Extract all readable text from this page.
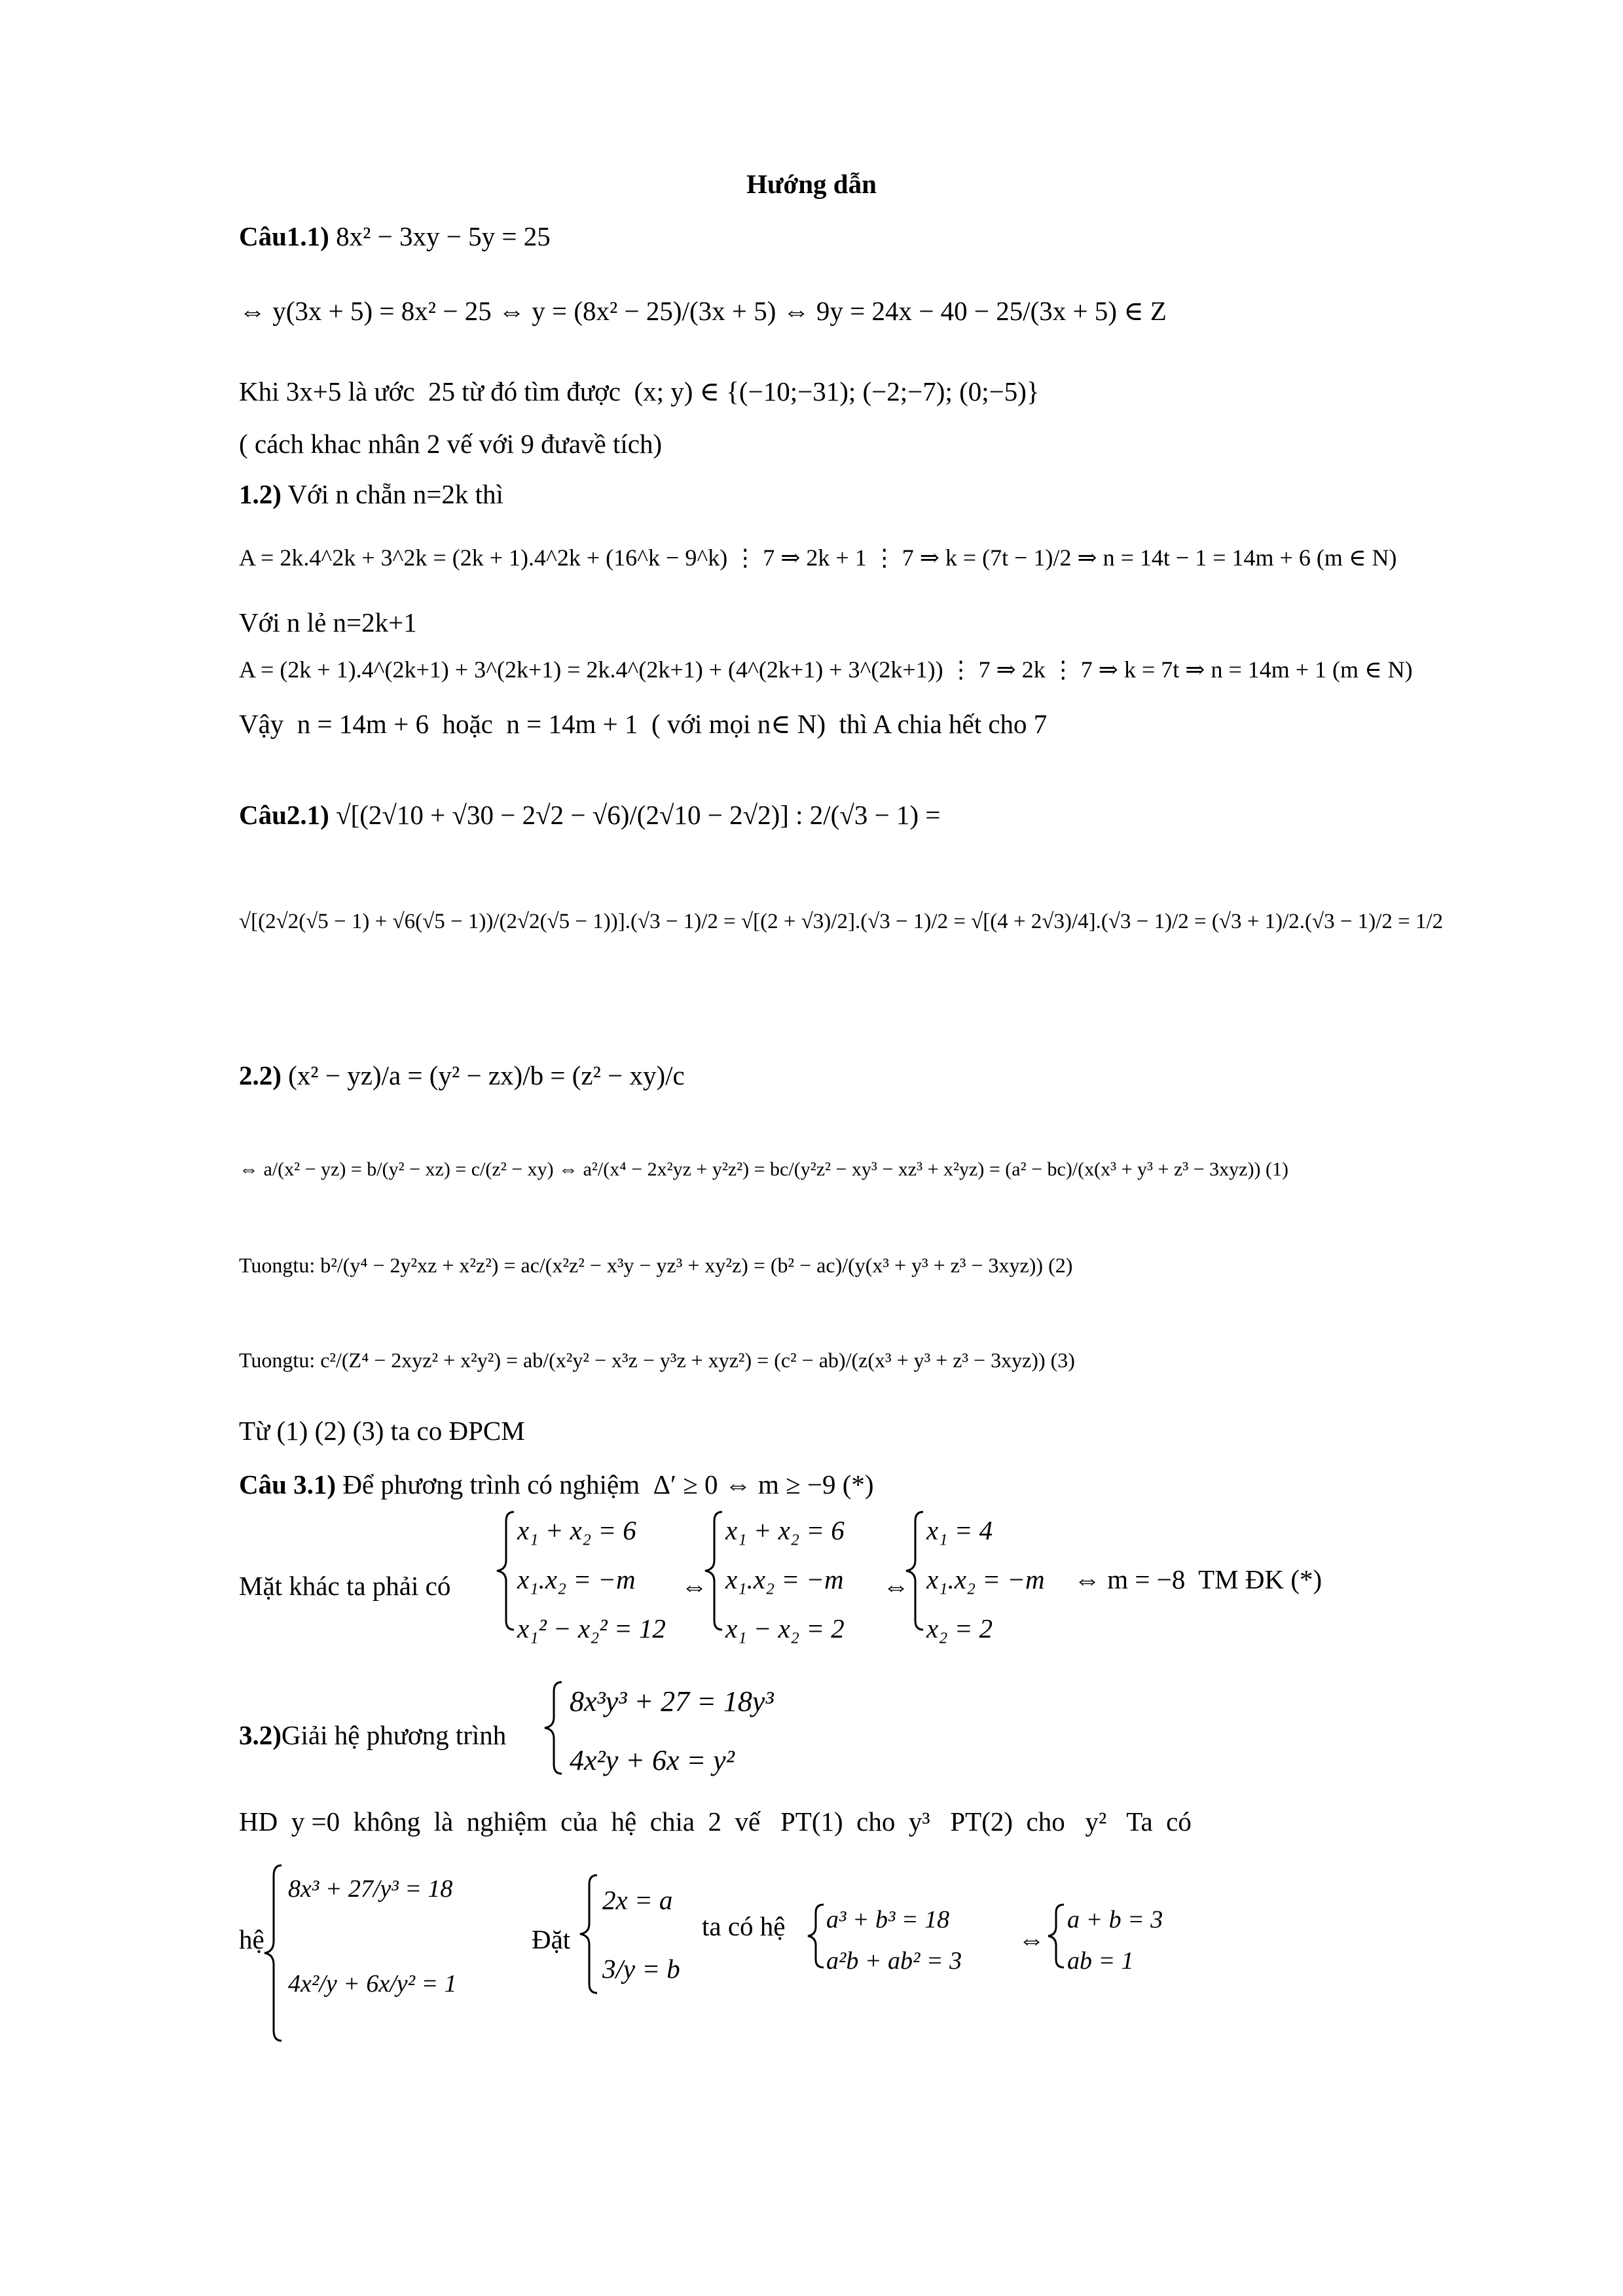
Hướng dẫn
Câu1.1) 8x² − 3xy − 5y = 25
⇔ y(3x + 5) = 8x² − 25 ⇔ y = (8x² − 25)/(3x + 5) ⇔ 9y = 24x − 40 − 25/(3x + 5) ∈ Z
Khi 3x+5 là ước  25 từ đó tìm được  (x; y) ∈ {(−10;−31); (−2;−7); (0;−5)}
( cách khac nhân 2 vế với 9 đưavề tích)
1.2) Với n chẵn n=2k thì
A = 2k.4^2k + 3^2k = (2k + 1).4^2k + (16^k − 9^k) ⋮ 7 ⇒ 2k + 1 ⋮ 7 ⇒ k = (7t − 1)/2 ⇒ n = 14t − 1 = 14m + 6 (m ∈ N)
Với n lẻ n=2k+1
A = (2k + 1).4^(2k+1) + 3^(2k+1) = 2k.4^(2k+1) + (4^(2k+1) + 3^(2k+1)) ⋮ 7 ⇒ 2k ⋮ 7 ⇒ k = 7t ⇒ n = 14m + 1 (m ∈ N)
Vậy  n = 14m + 6  hoặc  n = 14m + 1  ( với mọi n∈ N)  thì A chia hết cho 7
Câu2.1) √[(2√10 + √30 − 2√2 − √6)/(2√10 − 2√2)] : 2/(√3 − 1) =
√[(2√2(√5 − 1) + √6(√5 − 1))/(2√2(√5 − 1))].(√3 − 1)/2 = √[(2 + √3)/2].(√3 − 1)/2 = √[(4 + 2√3)/4].(√3 − 1)/2 = (√3 + 1)/2.(√3 − 1)/2 = 1/2
2.2) (x² − yz)/a = (y² − zx)/b = (z² − xy)/c
⇔ a/(x² − yz) = b/(y² − xz) = c/(z² − xy) ⇔ a²/(x⁴ − 2x²yz + y²z²) = bc/(y²z² − xy³ − xz³ + x²yz) = (a² − bc)/(x(x³ + y³ + z³ − 3xyz)) (1)
Tuongtu: b²/(y⁴ − 2y²xz + x²z²) = ac/(x²z² − x³y − yz³ + xy²z) = (b² − ac)/(y(x³ + y³ + z³ − 3xyz)) (2)
Tuongtu: c²/(Z⁴ − 2xyz² + x²y²) = ab/(x²y² − x³z − y³z + xyz²) = (c² − ab)/(z(x³ + y³ + z³ − 3xyz)) (3)
Từ (1) (2) (3) ta co ĐPCM
Câu 3.1) Để phương trình có nghiệm  Δ′ ≥ 0 ⇔ m ≥ −9 (*)
Mặt khác ta phải có
x₁ + x₂ = 6
x₁.x₂ = −m
x₁² − x₂² = 12
⇔
x₁ + x₂ = 6
x₁.x₂ = −m
x₁ − x₂ = 2
⇔
x₁ = 4
x₁.x₂ = −m
x₂ = 2
⇔ m = −8  TM ĐK (*)
3.2)Giải hệ phương trình
8x³y³ + 27 = 18y³
4x²y + 6x = y²
HD  y =0  không  là  nghiệm  của  hệ  chia  2  vế   PT(1)  cho  y³   PT(2)  cho   y²   Ta  có
hệ
8x³ + 27/y³ = 18
4x²/y + 6x/y² = 1
Đặt
2x = a
3/y = b
ta có hệ a³ + b³ = 18
a²b + ab² = 3
⇔
a + b = 3
ab = 1
